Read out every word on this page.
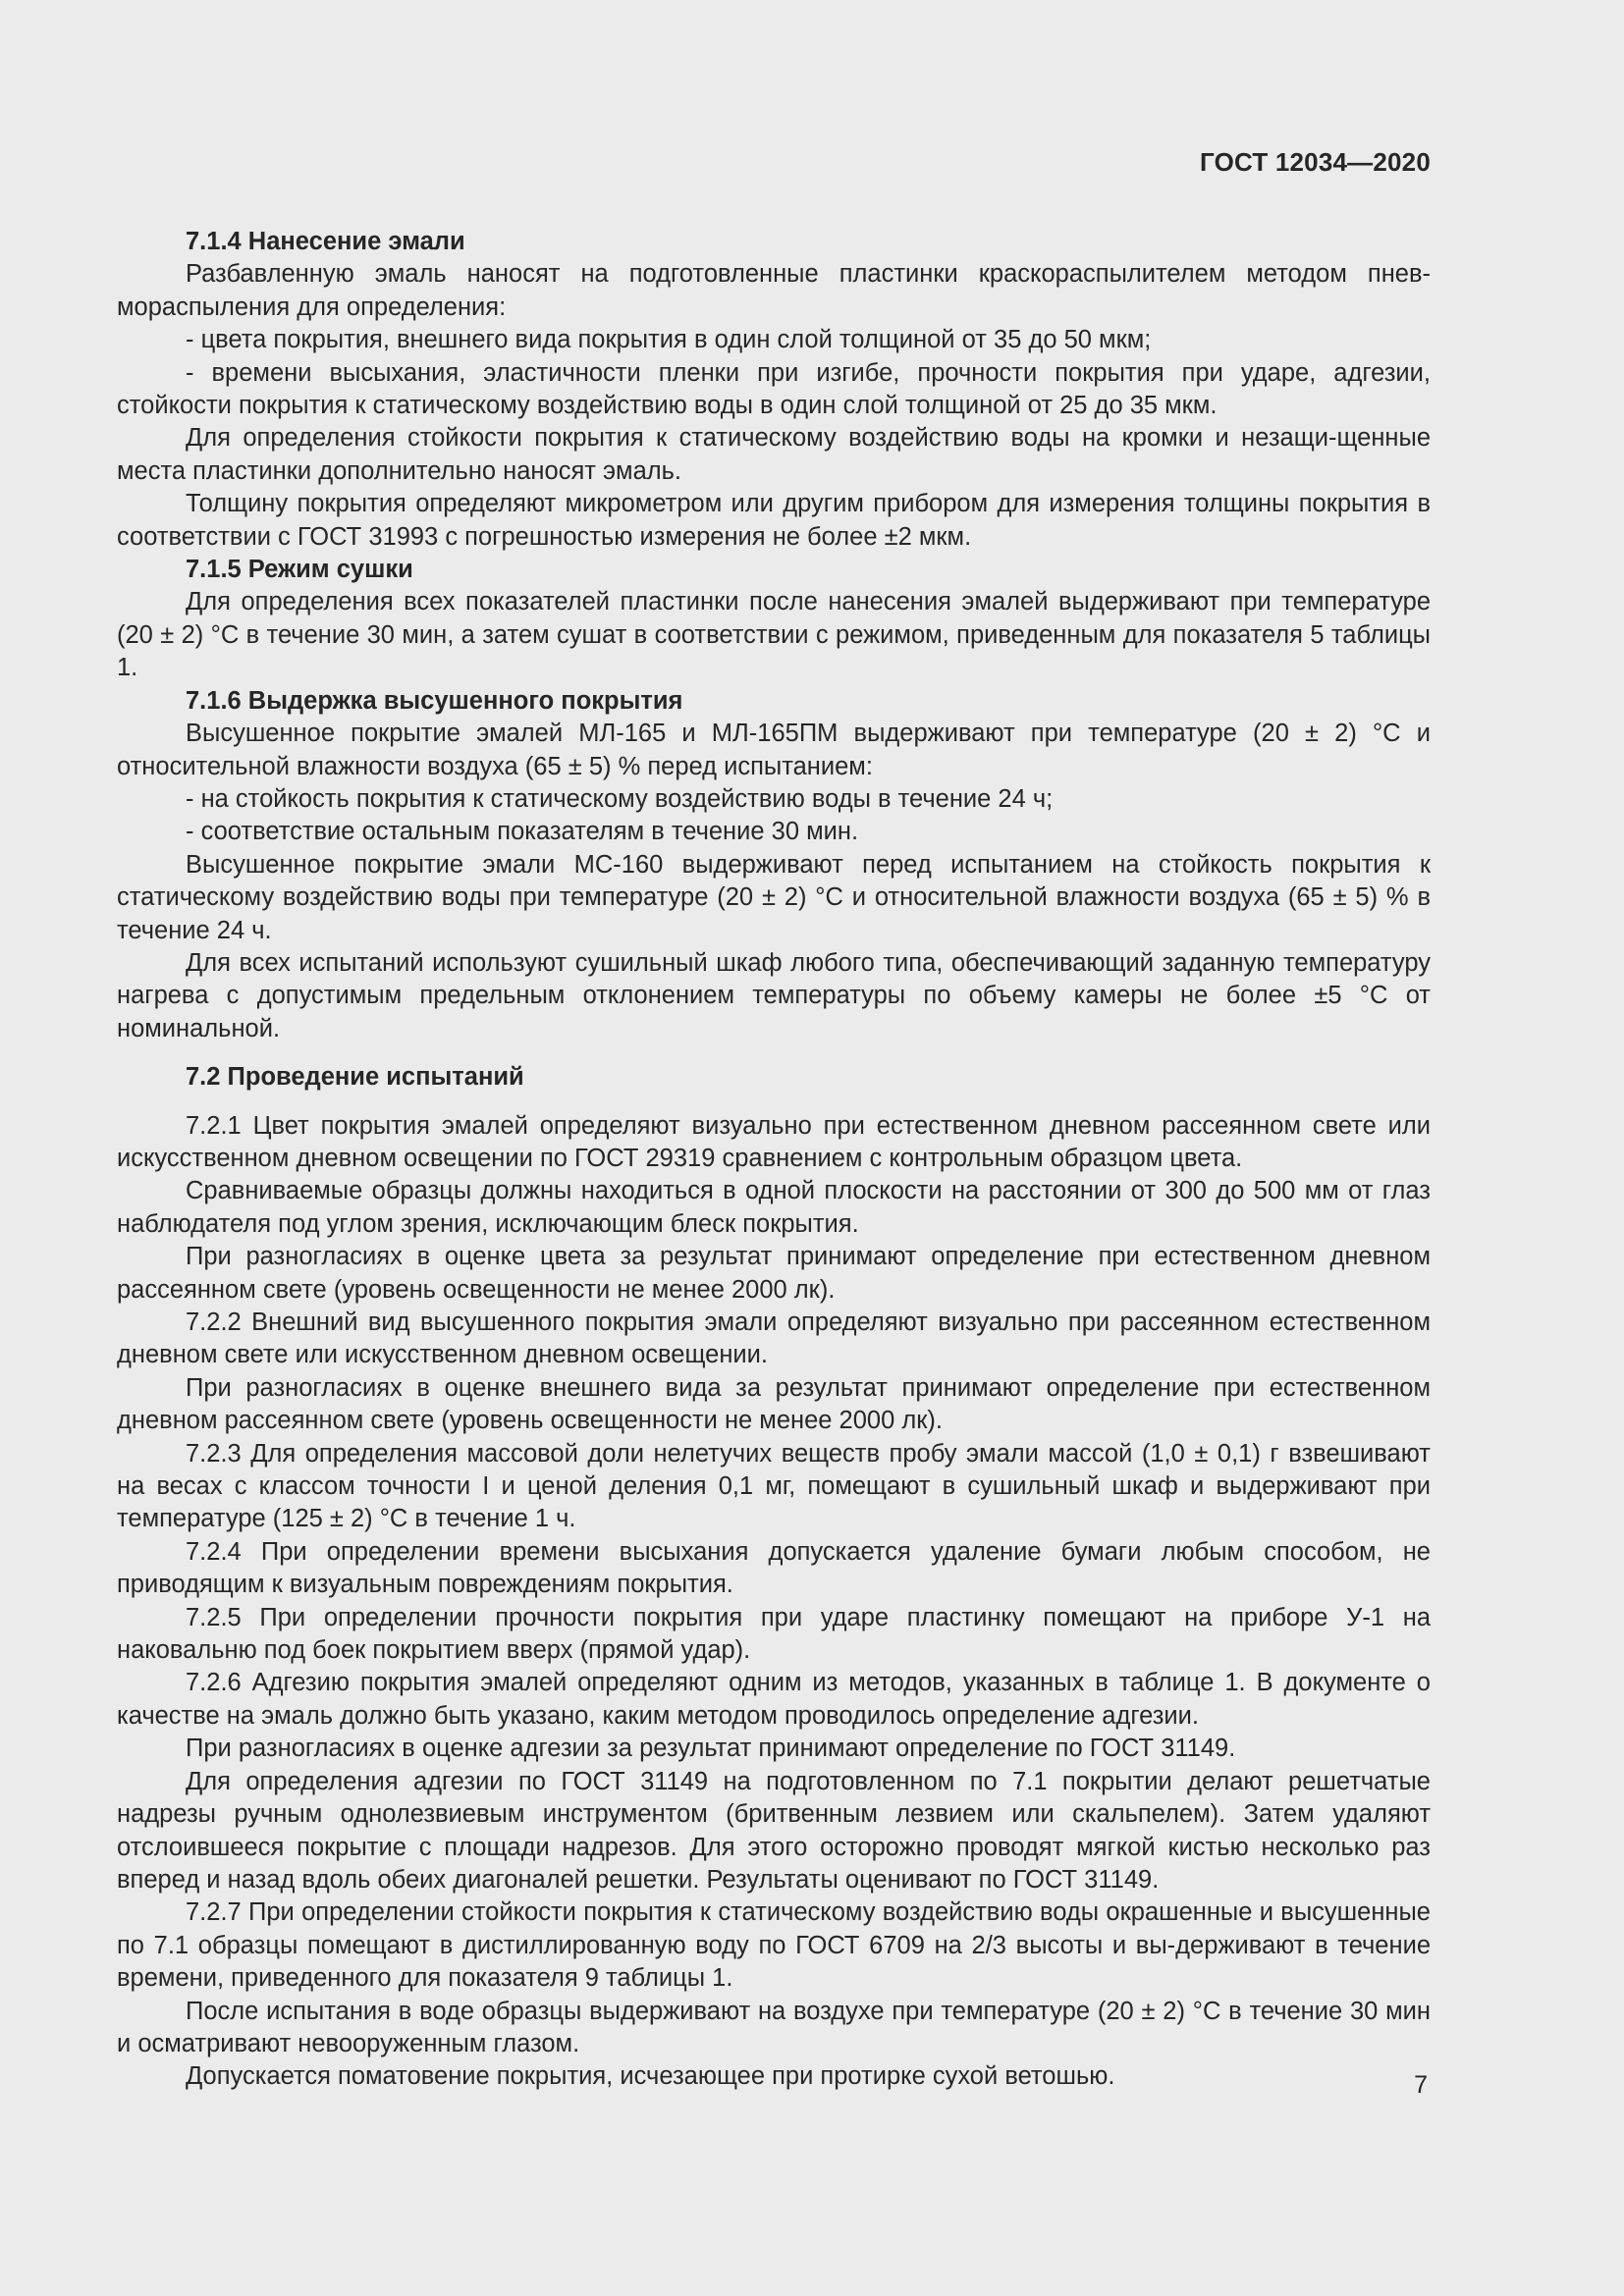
ГОСТ 12034—2020

7.1.4 Нанесение эмали

Разбавленную эмаль наносят на подготовленные пластинки краскораспылителем методом пнев-мораспыления для определения:

- цвета покрытия, внешнего вида покрытия в один слой толщиной от 35 до 50 мкм;

- времени высыхания, эластичности пленки при изгибе, прочности покрытия при ударе, адгезии, стойкости покрытия к статическому воздействию воды в один слой толщиной от 25 до 35 мкм.

Для определения стойкости покрытия к статическому воздействию воды на кромки и незащи-щенные места пластинки дополнительно наносят эмаль.

Толщину покрытия определяют микрометром или другим прибором для измерения толщины покрытия в соответствии с ГОСТ 31993 с погрешностью измерения не более ±2 мкм.

7.1.5 Режим сушки

Для определения всех показателей пластинки после нанесения эмалей выдерживают при температуре (20 ± 2) °С в течение 30 мин, а затем сушат в соответствии с режимом, приведенным для показателя 5 таблицы 1.

7.1.6 Выдержка высушенного покрытия

Высушенное покрытие эмалей МЛ-165 и МЛ-165ПМ выдерживают при температуре (20 ± 2) °С и относительной влажности воздуха (65 ± 5) % перед испытанием:

- на стойкость покрытия к статическому воздействию воды в течение 24 ч;

- соответствие остальным показателям в течение 30 мин.

Высушенное покрытие эмали МС-160 выдерживают перед испытанием на стойкость покрытия к статическому воздействию воды при температуре (20 ± 2) °С и относительной влажности воздуха (65 ± 5) % в течение 24 ч.

Для всех испытаний используют сушильный шкаф любого типа, обеспечивающий заданную температуру нагрева с допустимым предельным отклонением температуры по объему камеры не более ±5 °С от номинальной.

7.2 Проведение испытаний

7.2.1 Цвет покрытия эмалей определяют визуально при естественном дневном рассеянном свете или искусственном дневном освещении по ГОСТ 29319 сравнением с контрольным образцом цвета.

Сравниваемые образцы должны находиться в одной плоскости на расстоянии от 300 до 500 мм от глаз наблюдателя под углом зрения, исключающим блеск покрытия.

При разногласиях в оценке цвета за результат принимают определение при естественном дневном рассеянном свете (уровень освещенности не менее 2000 лк).

7.2.2 Внешний вид высушенного покрытия эмали определяют визуально при рассеянном естественном дневном свете или искусственном дневном освещении.

При разногласиях в оценке внешнего вида за результат принимают определение при естественном дневном рассеянном свете (уровень освещенности не менее 2000 лк).

7.2.3 Для определения массовой доли нелетучих веществ пробу эмали массой (1,0 ± 0,1) г взвешивают на весах с классом точности I и ценой деления 0,1 мг, помещают в сушильный шкаф и выдерживают при температуре (125 ± 2) °С в течение 1 ч.

7.2.4 При определении времени высыхания допускается удаление бумаги любым способом, не приводящим к визуальным повреждениям покрытия.

7.2.5 При определении прочности покрытия при ударе пластинку помещают на приборе У-1 на наковальню под боек покрытием вверх (прямой удар).

7.2.6 Адгезию покрытия эмалей определяют одним из методов, указанных в таблице 1. В документе о качестве на эмаль должно быть указано, каким методом проводилось определение адгезии.

При разногласиях в оценке адгезии за результат принимают определение по ГОСТ 31149.

Для определения адгезии по ГОСТ 31149 на подготовленном по 7.1 покрытии делают решетчатые надрезы ручным однолезвиевым инструментом (бритвенным лезвием или скальпелем). Затем удаляют отслоившееся покрытие с площади надрезов. Для этого осторожно проводят мягкой кистью несколько раз вперед и назад вдоль обеих диагоналей решетки. Результаты оценивают по ГОСТ 31149.

7.2.7 При определении стойкости покрытия к статическому воздействию воды окрашенные и высушенные по 7.1 образцы помещают в дистиллированную воду по ГОСТ 6709 на 2/3 высоты и вы-держивают в течение времени, приведенного для показателя 9 таблицы 1.

После испытания в воде образцы выдерживают на воздухе при температуре (20 ± 2) °С в течение 30 мин и осматривают невооруженным глазом.

Допускается поматовение покрытия, исчезающее при протирке сухой ветошью.	7
